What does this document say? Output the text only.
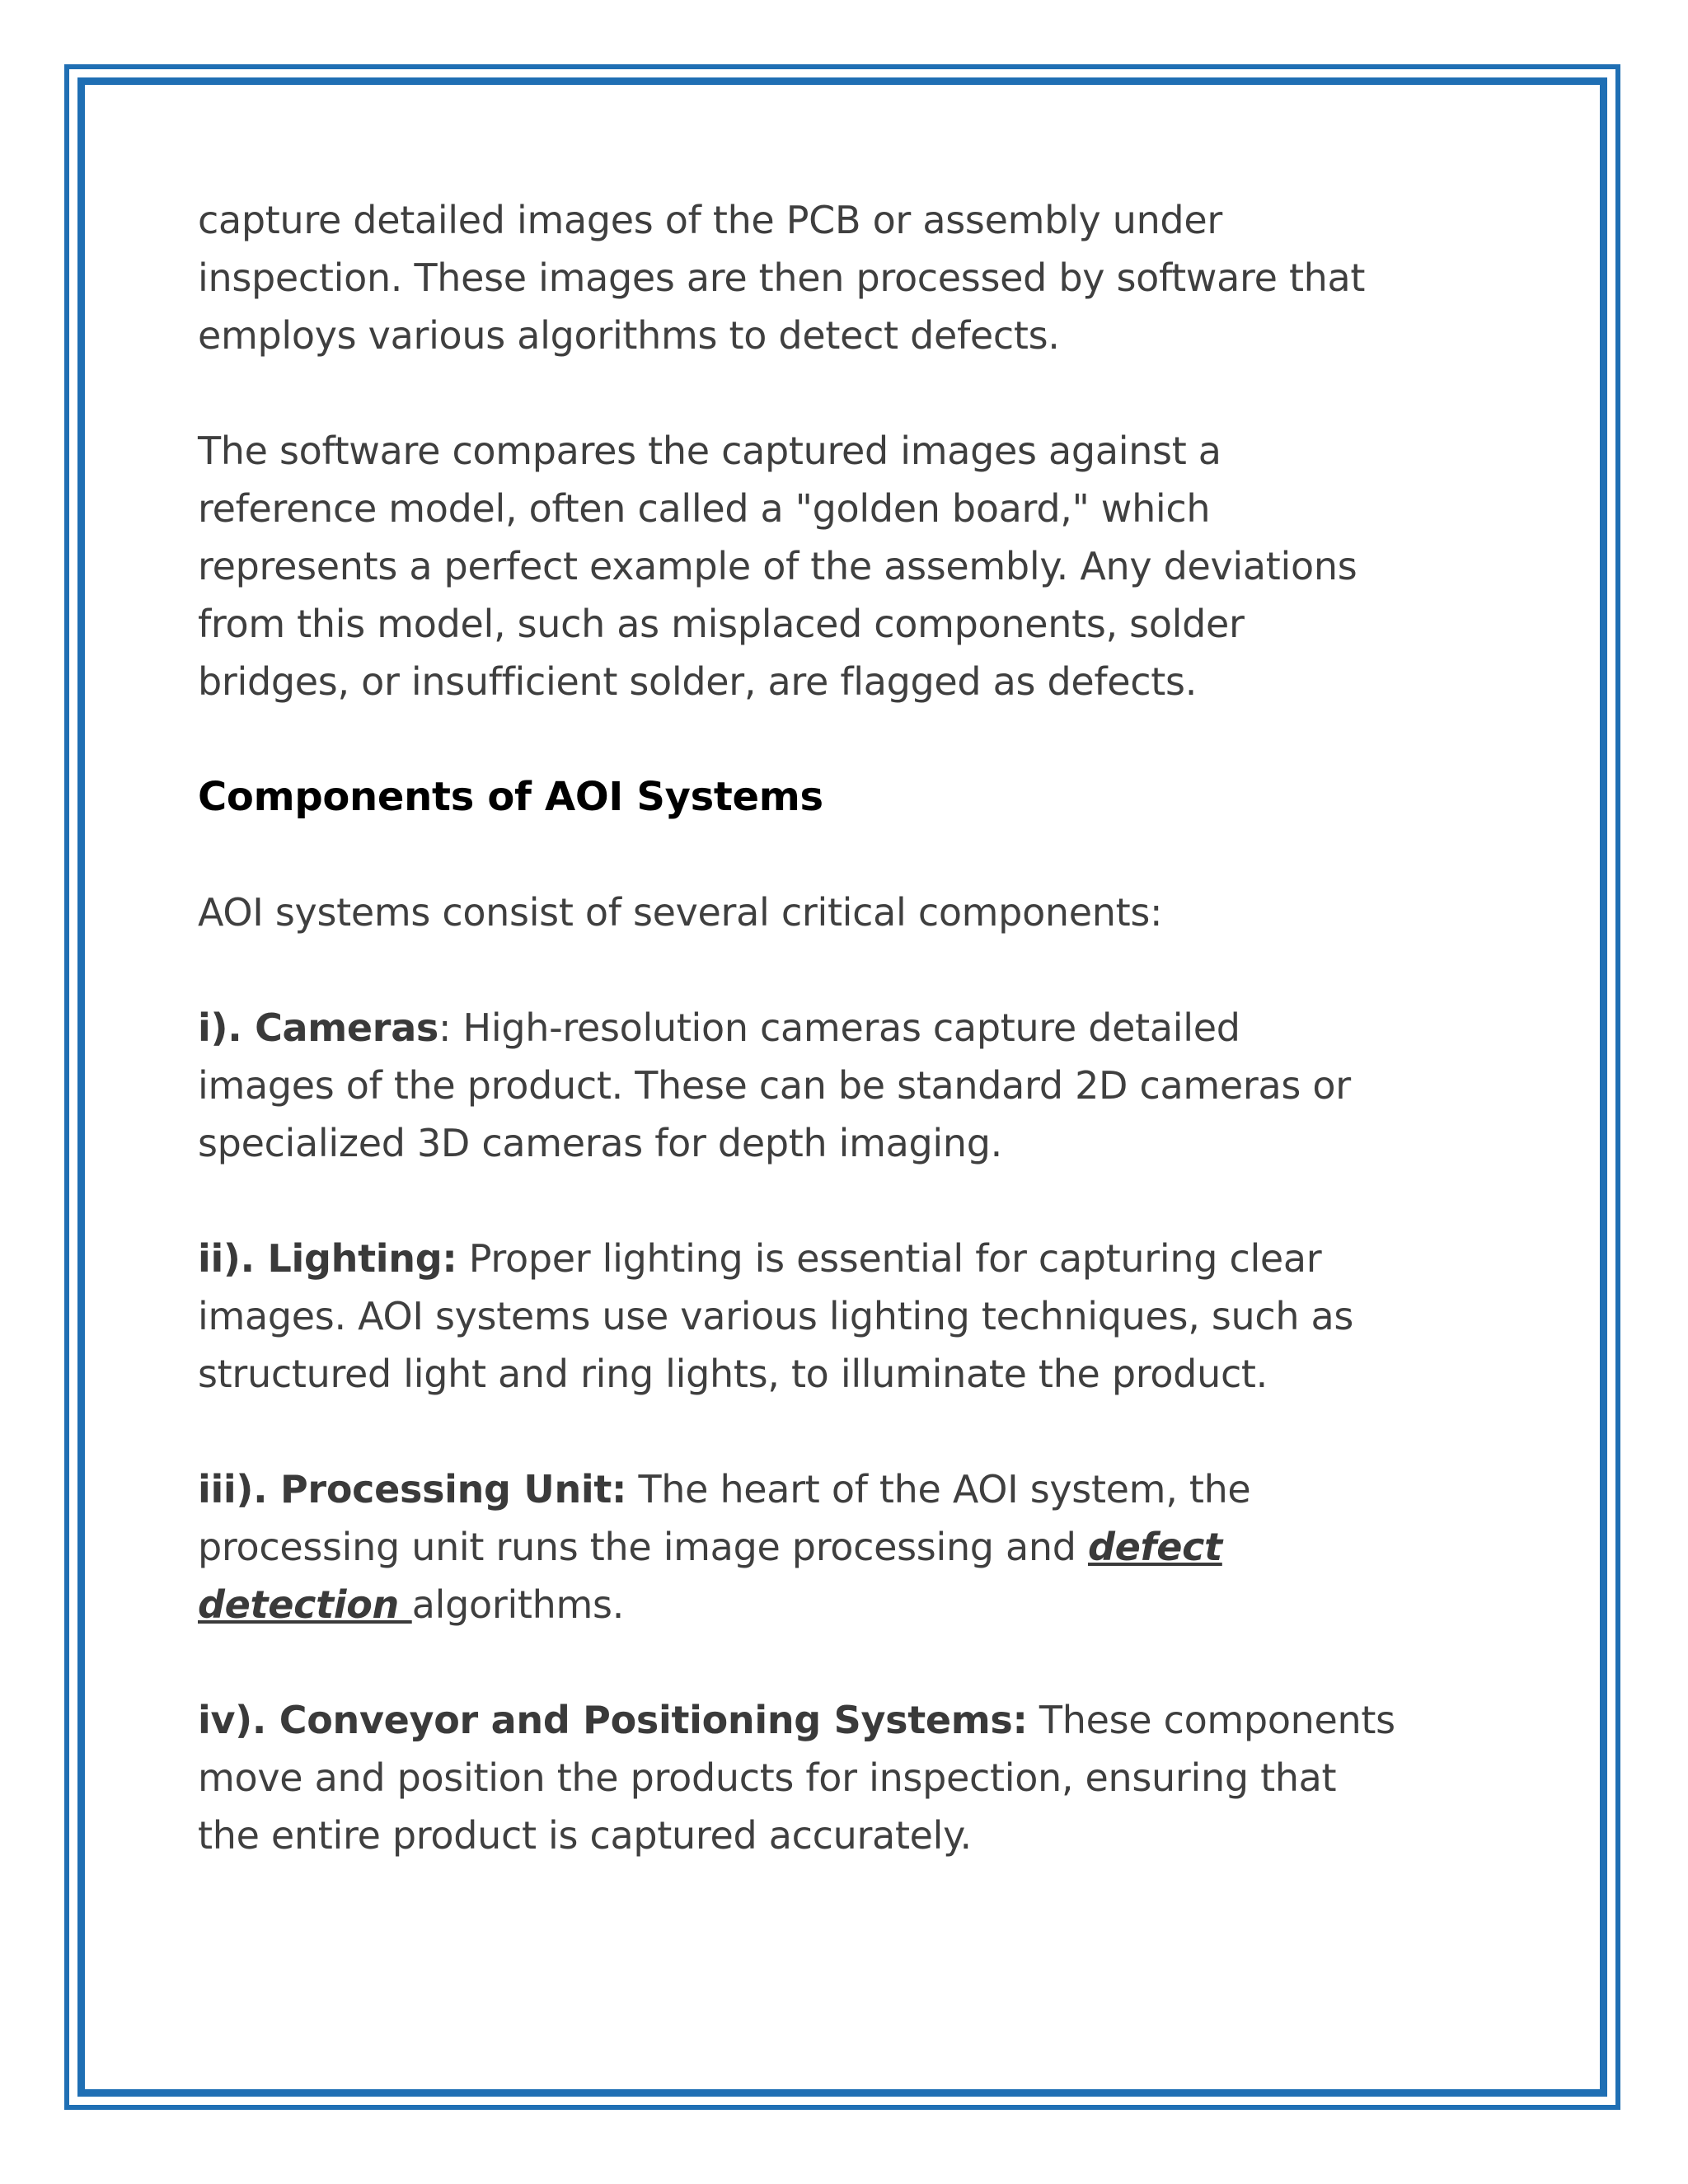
capture detailed images of the PCB or assembly under
inspection. These images are then processed by software that
employs various algorithms to detect defects.

The software compares the captured images against a
reference model, often called a "golden board," which
represents a perfect example of the assembly. Any deviations
from this model, such as misplaced components, solder
bridges, or insufficient solder, are flagged as defects.

Components of AOI Systems

AOI systems consist of several critical components:

i). Cameras: High-resolution cameras capture detailed
images of the product. These can be standard 2D cameras or
specialized 3D cameras for depth imaging.

ii). Lighting: Proper lighting is essential for capturing clear
images. AOI systems use various lighting techniques, such as
structured light and ring lights, to illuminate the product.

iii). Processing Unit: The heart of the AOI system, the
processing unit runs the image processing and defect
detection algorithms.

iv). Conveyor and Positioning Systems: These components
move and position the products for inspection, ensuring that
the entire product is captured accurately.
